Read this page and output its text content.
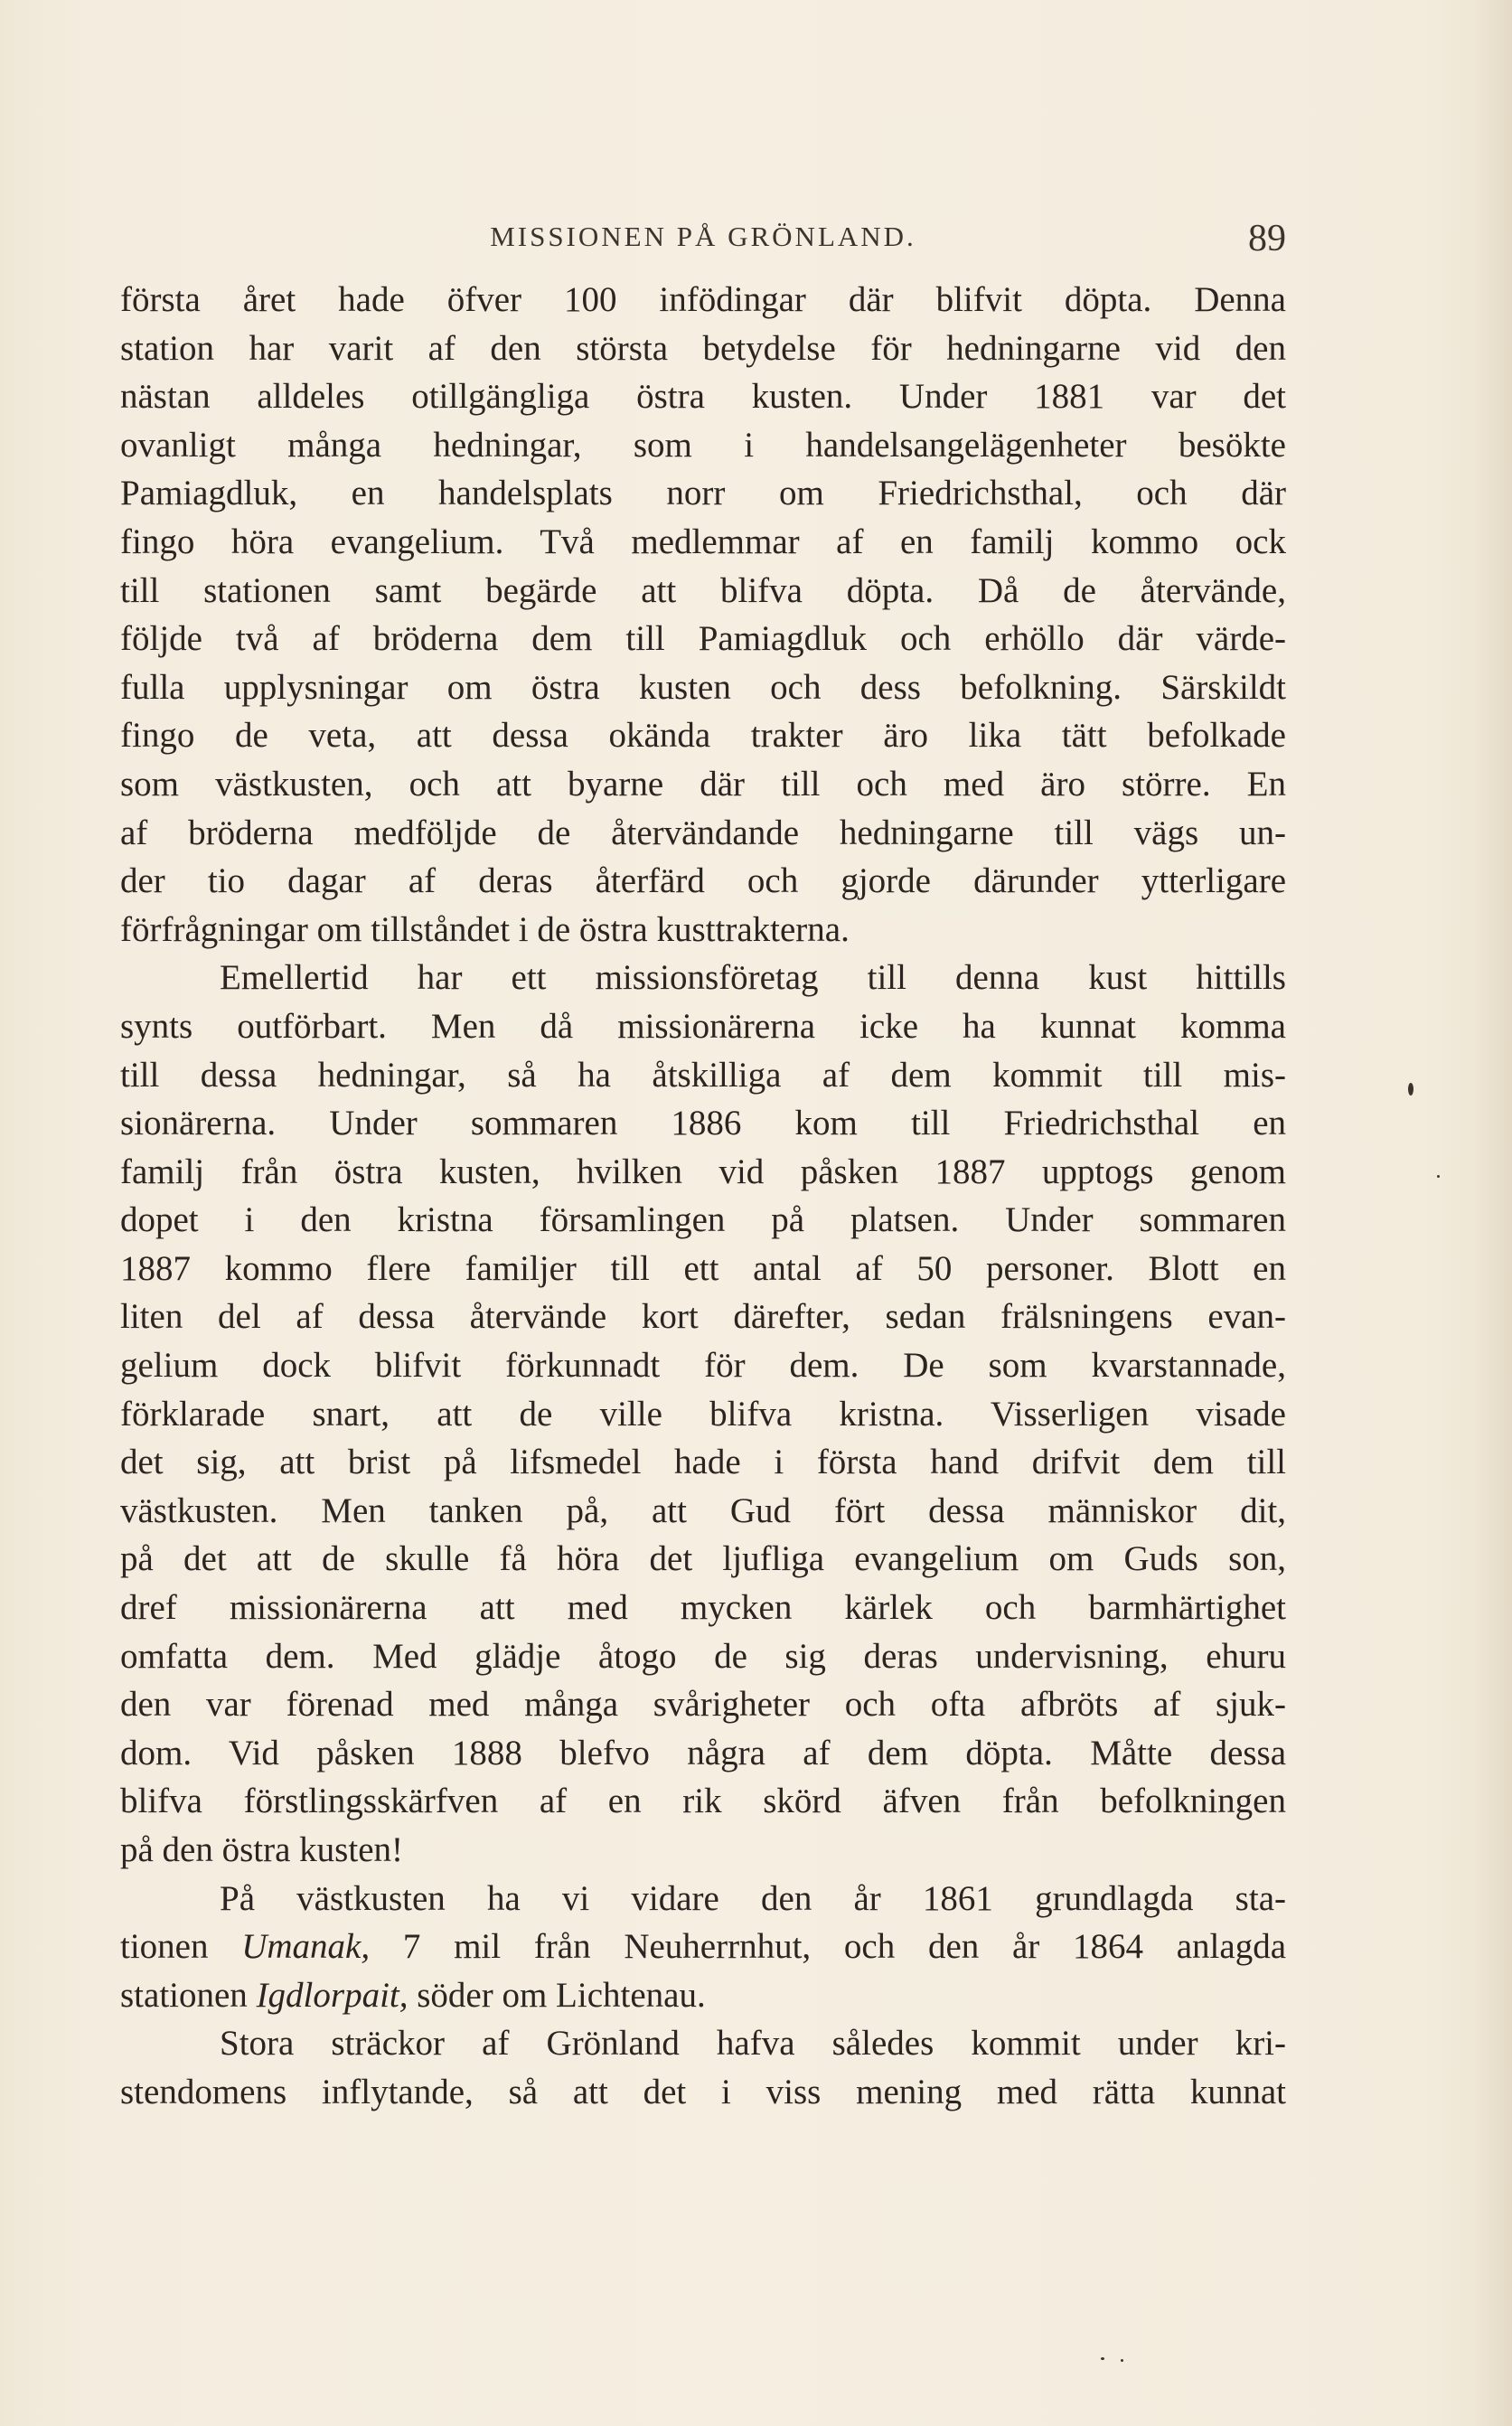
MISSIONEN PÅ GRÖNLAND.	89
första året hade öfver 100 infödingar där blifvit döpta. Denna
station har varit af den största betydelse för hedningarne vid den
nästan alldeles otillgängliga östra kusten. Under 1881 var det
ovanligt många hedningar, som i handelsangelägenheter besökte
Pamiagdluk, en handelsplats norr om Friedrichsthal, och där
fingo höra evangelium. Två medlemmar af en familj kommo ock
till stationen samt begärde att blifva döpta. Då de återvände,
följde två af bröderna dem till Pamiagdluk och erhöllo där värde-
fulla upplysningar om östra kusten och dess befolkning. Särskildt
fingo de veta, att dessa okända trakter äro lika tätt befolkade
som västkusten, och att byarne där till och med äro större. En
af bröderna medföljde de återvändande hedningarne till vägs un-
der tio dagar af deras återfärd och gjorde därunder ytterligare
förfrågningar om tillståndet i de östra kusttrakterna.
Emellertid har ett missionsföretag till denna kust hittills
synts outförbart. Men då missionärerna icke ha kunnat komma
till dessa hedningar, så ha åtskilliga af dem kommit till mis-
sionärerna. Under sommaren 1886 kom till Friedrichsthal en
familj från östra kusten, hvilken vid påsken 1887 upptogs genom
dopet i den kristna församlingen på platsen. Under sommaren
1887 kommo flere familjer till ett antal af 50 personer. Blott en
liten del af dessa återvände kort därefter, sedan frälsningens evan-
gelium dock blifvit förkunnadt för dem. De som kvarstannade,
förklarade snart, att de ville blifva kristna. Visserligen visade
det sig, att brist på lifsmedel hade i första hand drifvit dem till
västkusten. Men tanken på, att Gud fört dessa människor dit,
på det att de skulle få höra det ljufliga evangelium om Guds son,
dref missionärerna att med mycken kärlek och barmhärtighet
omfatta dem. Med glädje åtogo de sig deras undervisning, ehuru
den var förenad med många svårigheter och ofta afbröts af sjuk-
dom. Vid påsken 1888 blefvo några af dem döpta. Måtte dessa
blifva förstlingsskärfven af en rik skörd äfven från befolkningen
på den östra kusten!
På västkusten ha vi vidare den år 1861 grundlagda sta-
tionen Umanak, 7 mil från Neuherrnhut, och den år 1864 anlagda
stationen Igdlorpait, söder om Lichtenau.
Stora sträckor af Grönland hafva således kommit under kri-
stendomens inflytande, så att det i viss mening med rätta kunnat
